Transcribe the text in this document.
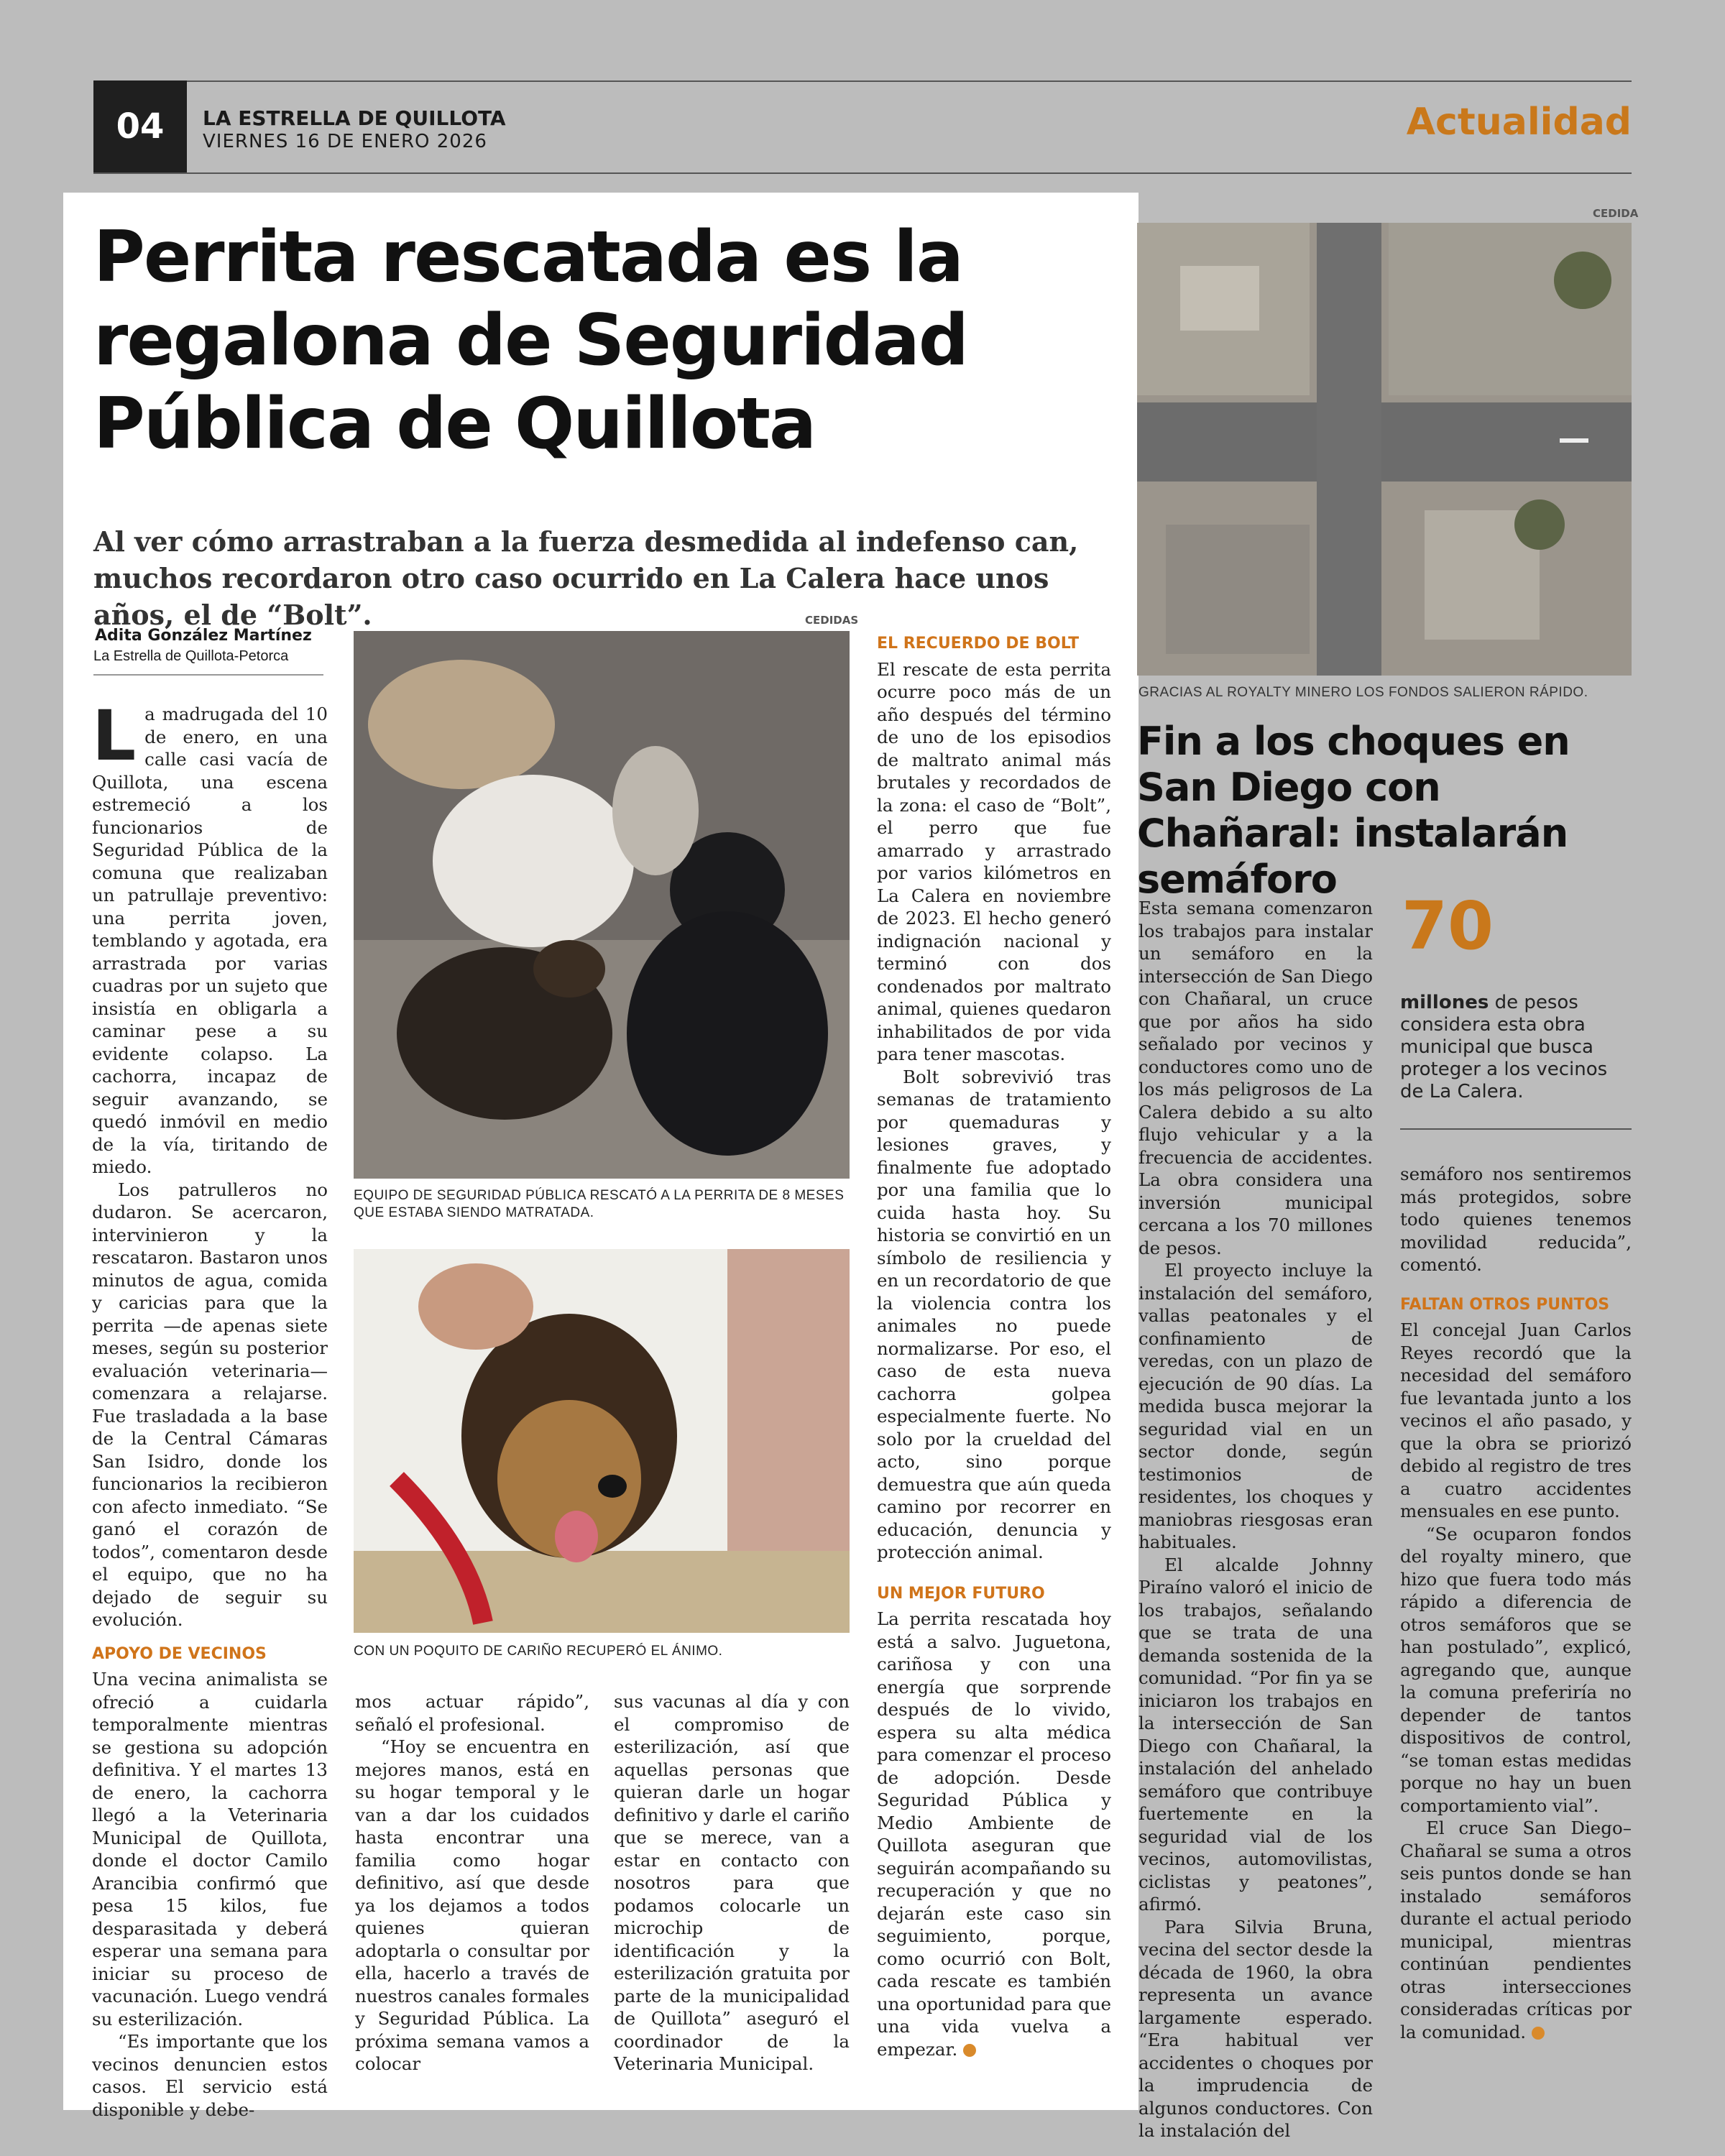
04	LA ESTRELLA DE QUILLOTA
VIERNES 16 DE ENERO 2026	Actualidad
Perrita rescatada es la regalona de Seguridad Pública de Quillota
Al ver cómo arrastraban a la fuerza desmedida al indefenso can, muchos recordaron otro caso ocurrido en La Calera hace unos años, el de “Bolt”.
Adita González Martínez
La Estrella de Quillota-Petorca

La madrugada del 10 de enero, en una calle casi vacía de Quillota, una escena estremeció a los funcionarios de Seguridad Pública de la comuna que realizaban un patrullaje preventivo: una perrita joven, temblando y agotada, era arrastrada por varias cuadras por un sujeto que insistía en obligarla a caminar pese a su evidente colapso. La cachorra, incapaz de seguir avanzando, se quedó inmóvil en medio de la vía, tiritando de miedo.

Los patrulleros no dudaron. Se acercaron, intervinieron y la rescataron. Bastaron unos minutos de agua, comida y caricias para que la perrita —de apenas siete meses, según su posterior evaluación veterinaria— comenzara a relajarse. Fue trasladada a la base de la Central Cámaras San Isidro, donde los funcionarios la recibieron con afecto inmediato. “Se ganó el corazón de todos”, comentaron desde el equipo, que no ha dejado de seguir su evolución.

APOYO DE VECINOS

Una vecina animalista se ofreció a cuidarla temporalmente mientras se gestiona su adopción definitiva. Y el martes 13 de enero, la cachorra llegó a la Veterinaria Municipal de Quillota, donde el doctor Camilo Arancibia confirmó que pesa 15 kilos, fue desparasitada y deberá esperar una semana para iniciar su proceso de vacunación. Luego vendrá su esterilización.

“Es importante que los vecinos denuncien estos casos. El servicio está disponible y debe-

CEDIDAS
EQUIPO DE SEGURIDAD PÚBLICA RESCATÓ A LA PERRITA DE 8 MESES QUE ESTABA SIENDO MATRATADA.
CON UN POQUITO DE CARIÑO RECUPERÓ EL ÁNIMO.

mos actuar rápido”, señaló el profesional.

“Hoy se encuentra en mejores manos, está en su hogar temporal y le van a dar los cuidados hasta encontrar una familia como hogar definitivo, así que desde ya los dejamos a todos quienes quieran adoptarla o consultar por ella, hacerlo a través de nuestros canales formales y Seguridad Pública. La próxima semana vamos a colocar

sus vacunas al día y con el compromiso de esterilización, así que aquellas personas que quieran darle un hogar definitivo y darle el cariño que se merece, van a estar en contacto con nosotros para que podamos colocarle un microchip de identificación y la esterilización gratuita por parte de la municipalidad de Quillota” aseguró el coordinador de la Veterinaria Municipal.

EL RECUERDO DE BOLT

El rescate de esta perrita ocurre poco más de un año después del término de uno de los episodios de maltrato animal más brutales y recordados de la zona: el caso de “Bolt”, el perro que fue amarrado y arrastrado por varios kilómetros en La Calera en noviembre de 2023. El hecho generó indignación nacional y terminó con dos condenados por maltrato animal, quienes quedaron inhabilitados de por vida para tener mascotas.

Bolt sobrevivió tras semanas de tratamiento por quemaduras y lesiones graves, y finalmente fue adoptado por una familia que lo cuida hasta hoy. Su historia se convirtió en un símbolo de resiliencia y en un recordatorio de que la violencia contra los animales no puede normalizarse. Por eso, el caso de esta nueva cachorra golpea especialmente fuerte. No solo por la crueldad del acto, sino porque demuestra que aún queda camino por recorrer en educación, denuncia y protección animal.

UN MEJOR FUTURO

La perrita rescatada hoy está a salvo. Juguetona, cariñosa y con una energía que sorprende después de lo vivido, espera su alta médica para comenzar el proceso de adopción. Desde Seguridad Pública y Medio Ambiente de Quillota aseguran que seguirán acompañando su recuperación y que no dejarán este caso sin seguimiento, porque, como ocurrió con Bolt, cada rescate es también una oportunidad para que una vida vuelva a empezar.

CEDIDA
GRACIAS AL ROYALTY MINERO LOS FONDOS SALIERON RÁPIDO.
Fin a los choques en San Diego con Chañaral: instalarán semáforo

Esta semana comenzaron los trabajos para instalar un semáforo en la intersección de San Diego con Chañaral, un cruce que por años ha sido señalado por vecinos y conductores como uno de los más peligrosos de La Calera debido a su alto flujo vehicular y a la frecuencia de accidentes. La obra considera una inversión municipal cercana a los 70 millones de pesos.

El proyecto incluye la instalación del semáforo, vallas peatonales y el confinamiento de veredas, con un plazo de ejecución de 90 días. La medida busca mejorar la seguridad vial en un sector donde, según testimonios de residentes, los choques y maniobras riesgosas eran habituales.

El alcalde Johnny Piraíno valoró el inicio de los trabajos, señalando que se trata de una demanda sostenida de la comunidad. “Por fin ya se iniciaron los trabajos en la intersección de San Diego con Chañaral, la instalación del anhelado semáforo que contribuye fuertemente en la seguridad vial de los vecinos, automovilistas, ciclistas y peatones”, afirmó.

Para Silvia Bruna, vecina del sector desde la década de 1960, la obra representa un avance largamente esperado. “Era habitual ver accidentes o choques por la imprudencia de algunos conductores. Con la instalación del

70
millones de pesos considera esta obra municipal que busca proteger a los vecinos de La Calera.

semáforo nos sentiremos más protegidos, sobre todo quienes tenemos movilidad reducida”, comentó.

FALTAN OTROS PUNTOS

El concejal Juan Carlos Reyes recordó que la necesidad del semáforo fue levantada junto a los vecinos el año pasado, y que la obra se priorizó debido al registro de tres a cuatro accidentes mensuales en ese punto.

“Se ocuparon fondos del royalty minero, que hizo que fuera todo más rápido a diferencia de otros semáforos que se han postulado”, explicó, agregando que, aunque la comuna preferiría no depender de tantos dispositivos de control, “se toman estas medidas porque no hay un buen comportamiento vial”.

El cruce San Diego–Chañaral se suma a otros seis puntos donde se han instalado semáforos durante el actual periodo municipal, mientras continúan pendientes otras intersecciones consideradas críticas por la comunidad.
